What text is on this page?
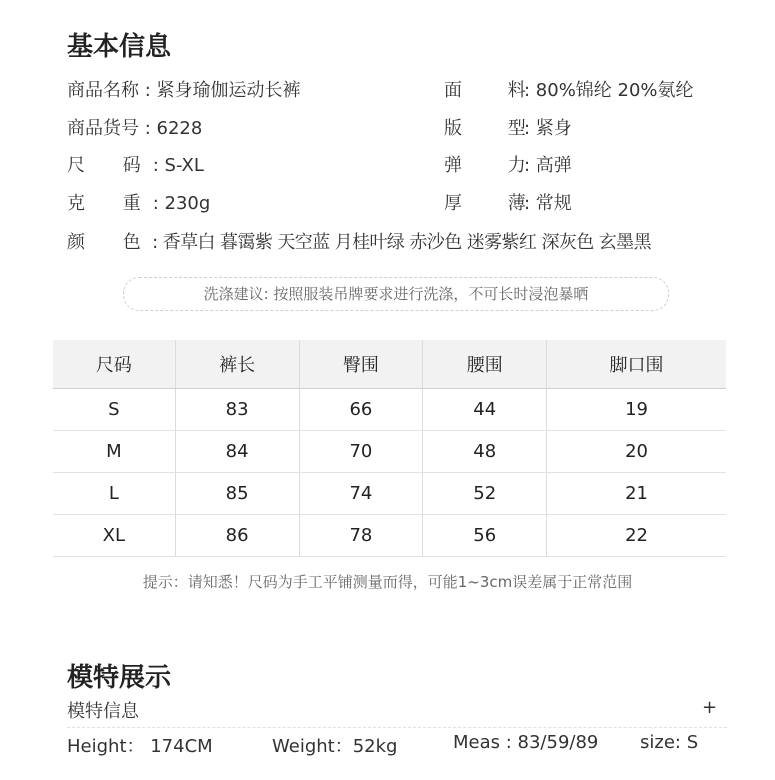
基本信息
商品名称 : 紧身瑜伽运动长裤
商品货号 : 6228
尺 码 : S-XL
克 重 : 230g
颜 色 : 香草白 暮霭紫 天空蓝 月桂叶绿 赤沙色 迷雾紫红 深灰色 玄墨黑
面 料: 80%锦纶 20%氨纶
版 型: 紧身
弹 力: 高弹
厚 薄: 常规
洗涤建议: 按照服装吊牌要求进行洗涤，不可长时浸泡暴晒
尺码	裤长	臀围	腰围	脚口围
S	83	66	44	19
M	84	70	48	20
L	85	74	52	21
XL	86	78	56	22
提示：请知悉！尺码为手工平铺测量而得，可能1~3cm误差属于正常范围
模特展示
模特信息	+
Height： 174CM	Weight：52kg	Meas : 83/59/89 size: S
